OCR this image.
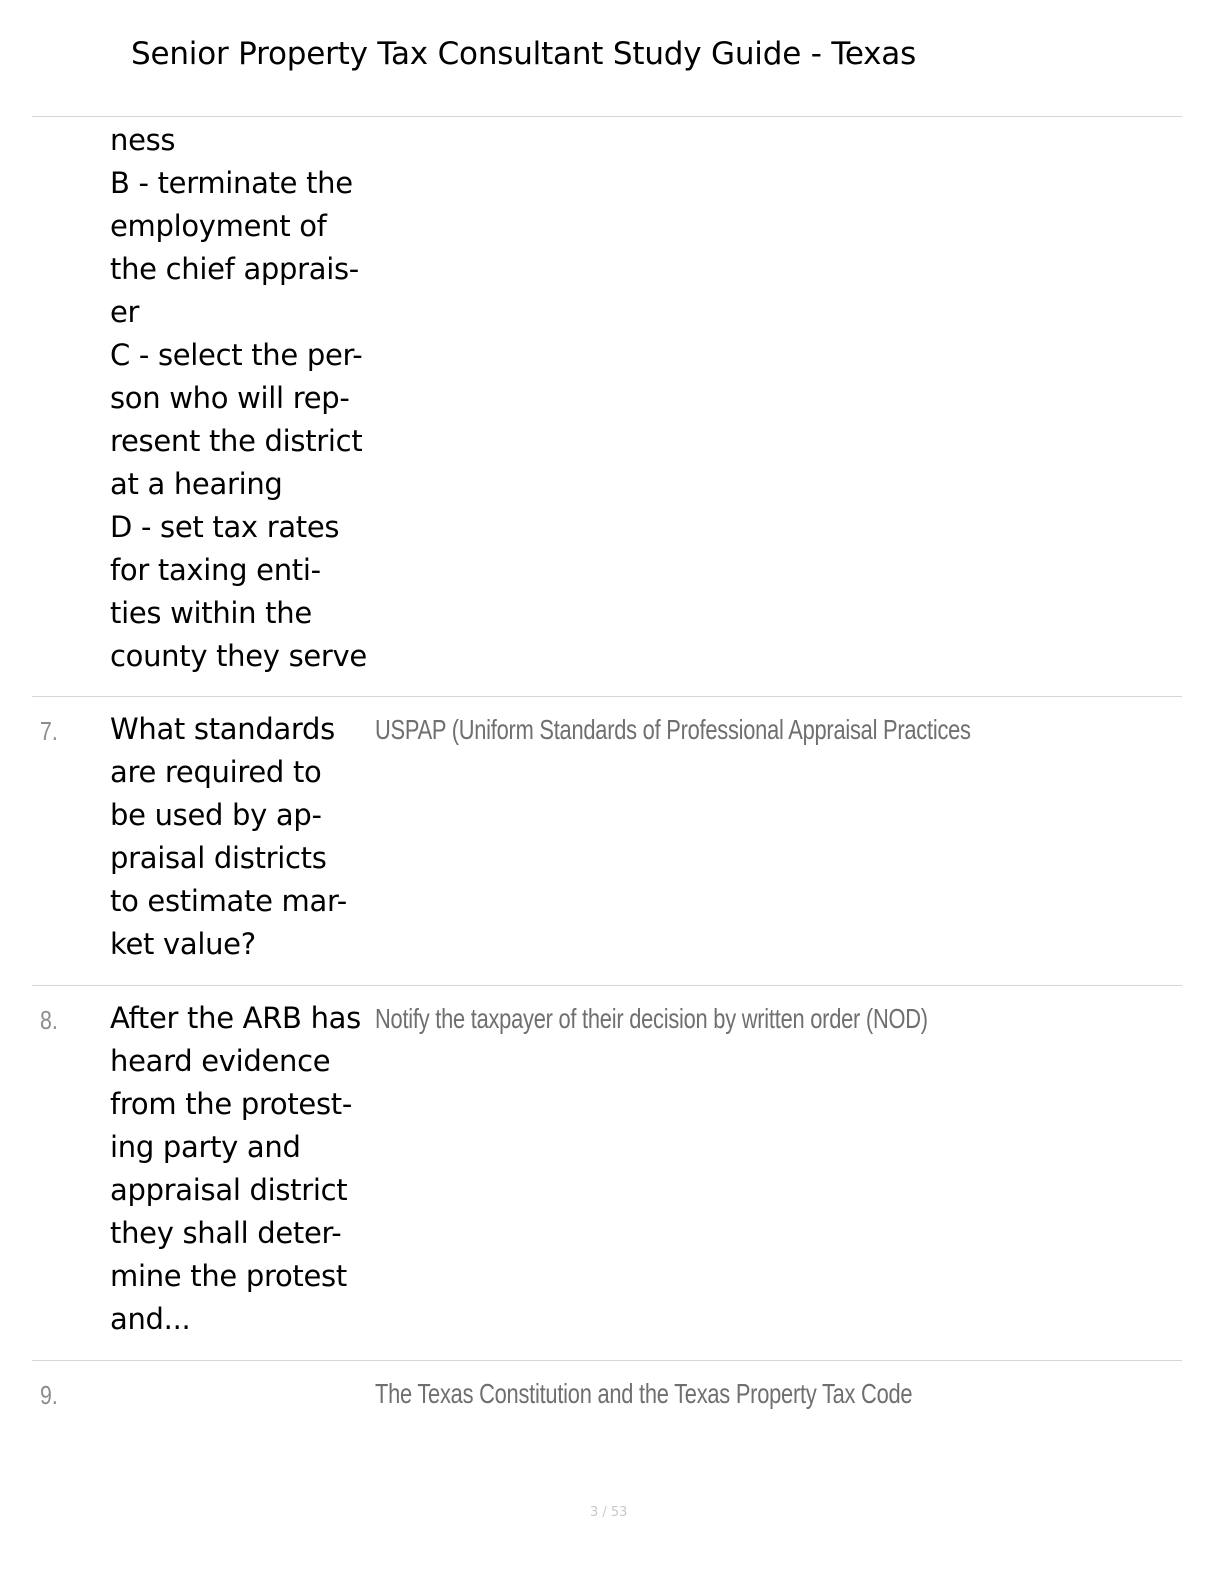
Senior Property Tax Consultant Study Guide - Texas
ness
B - terminate the
employment of
the chief apprais-
er
C - select the per-
son who will rep-
resent the district
at a hearing
D - set tax rates
for taxing enti-
ties within the
county they serve
7. What standards
are required to
be used by ap-
praisal districts
to estimate mar-
ket value?
USPAP (Uniform Standards of Professional Appraisal Practices
8. After the ARB has
heard evidence
from the protest-
ing party and
appraisal district
they shall deter-
mine the protest
and...
Notify the taxpayer of their decision by written order (NOD)
9.	The Texas Constitution and the Texas Property Tax Code
3 / 53
